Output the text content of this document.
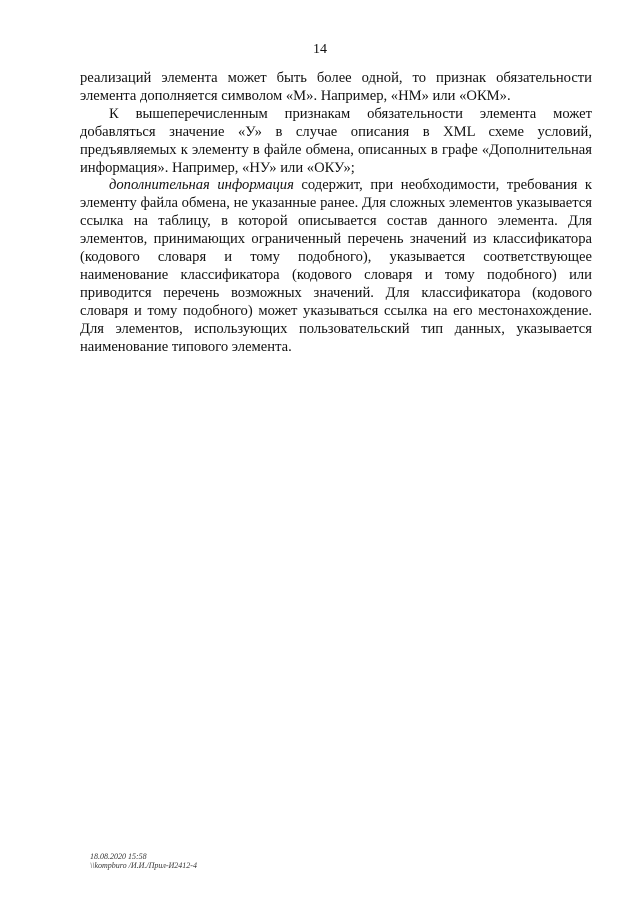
14

реализаций элемента может быть более одной, то признак обязательности элемента дополняется символом «М». Например, «НМ» или «ОКМ».

К вышеперечисленным признакам обязательности элемента может добавляться значение «У» в случае описания в XML схеме условий, предъявляемых к элементу в файле обмена, описанных в графе «Дополнительная информация». Например, «НУ» или «ОКУ»;

дополнительная информация содержит, при необходимости, требования к элементу файла обмена, не указанные ранее. Для сложных элементов указывается ссылка на таблицу, в которой описывается состав данного элемента. Для элементов, принимающих ограниченный перечень значений из классификатора (кодового словаря и тому подобного), указывается соответствующее наименование классификатора (кодового словаря и тому подобного) или приводится перечень возможных значений. Для классификатора (кодового словаря и тому подобного) может указываться ссылка на его местонахождение. Для элементов, использующих пользовательский тип данных, указывается наименование типового элемента.

18.08.2020 15:58
\\kompburo /И.И./Прил-И2412-4
